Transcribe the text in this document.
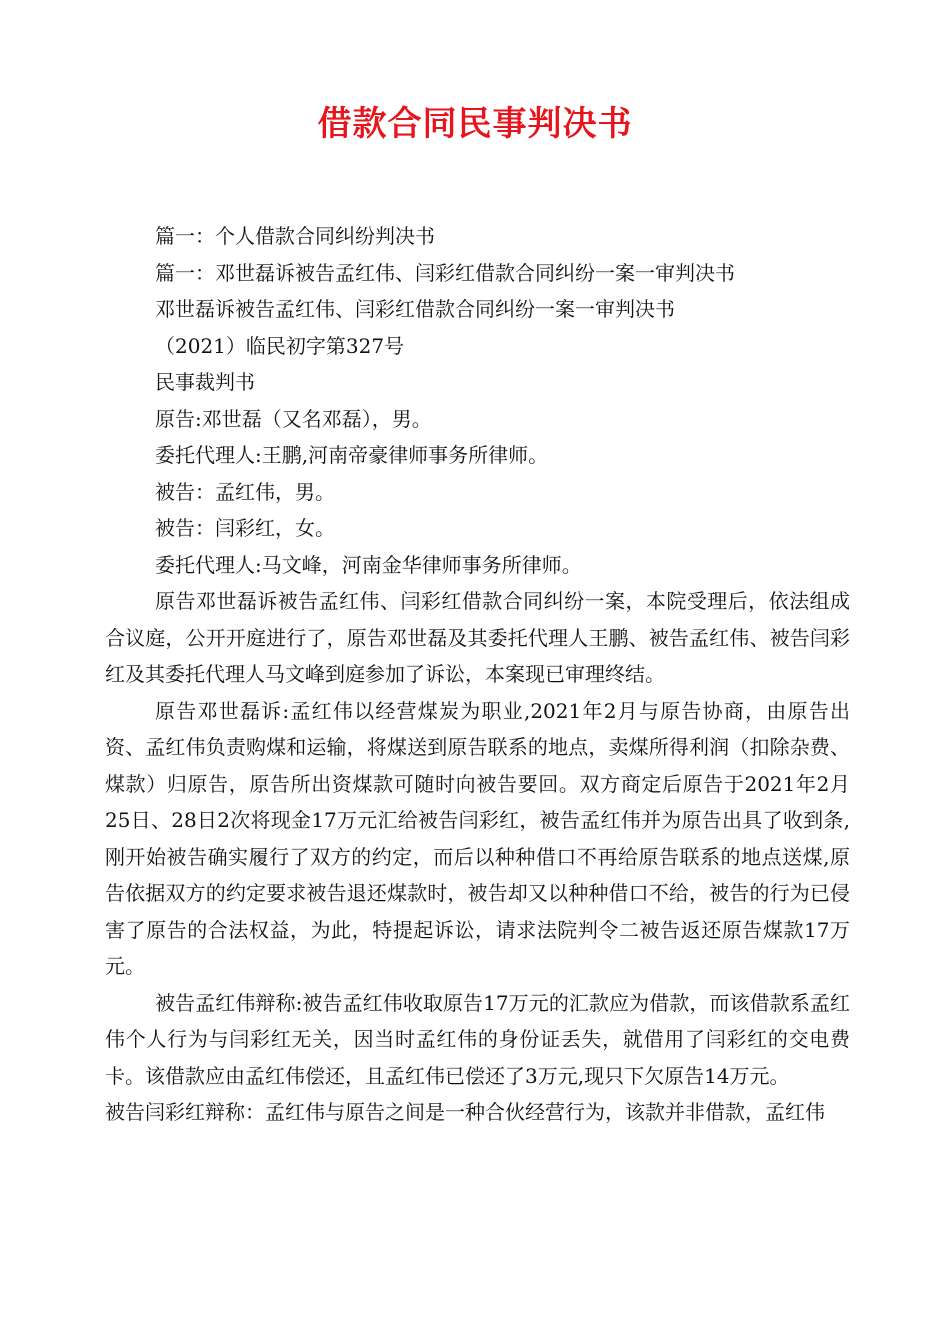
借款合同民事判决书

篇一：个人借款合同纠纷判决书

篇一：邓世磊诉被告孟红伟、闫彩红借款合同纠纷一案一审判决书

邓世磊诉被告孟红伟、闫彩红借款合同纠纷一案一审判决书

（2021）临民初字第327号

民事裁判书

原告:邓世磊（又名邓磊），男。

委托代理人:王鹏,河南帝豪律师事务所律师。

被告：孟红伟，男。

被告：闫彩红，女。

委托代理人:马文峰，河南金华律师事务所律师。

原告邓世磊诉被告孟红伟、闫彩红借款合同纠纷一案，本院受理后，依法组成合议庭，公开开庭进行了，原告邓世磊及其委托代理人王鹏、被告孟红伟、被告闫彩红及其委托代理人马文峰到庭参加了诉讼，本案现已审理终结。

原告邓世磊诉:孟红伟以经营煤炭为职业,2021年2月与原告协商，由原告出资、孟红伟负责购煤和运输，将煤送到原告联系的地点，卖煤所得利润（扣除杂费、煤款）归原告，原告所出资煤款可随时向被告要回。双方商定后原告于2021年2月25日、28日2次将现金17万元汇给被告闫彩红，被告孟红伟并为原告出具了收到条,刚开始被告确实履行了双方的约定，而后以种种借口不再给原告联系的地点送煤,原告依据双方的约定要求被告退还煤款时，被告却又以种种借口不给，被告的行为已侵害了原告的合法权益，为此，特提起诉讼，请求法院判令二被告返还原告煤款17万元。

被告孟红伟辩称:被告孟红伟收取原告17万元的汇款应为借款，而该借款系孟红伟个人行为与闫彩红无关，因当时孟红伟的身份证丢失，就借用了闫彩红的交电费卡。该借款应由孟红伟偿还，且孟红伟已偿还了3万元,现只下欠原告14万元。

被告闫彩红辩称：孟红伟与原告之间是一种合伙经营行为，该款并非借款，孟红伟
